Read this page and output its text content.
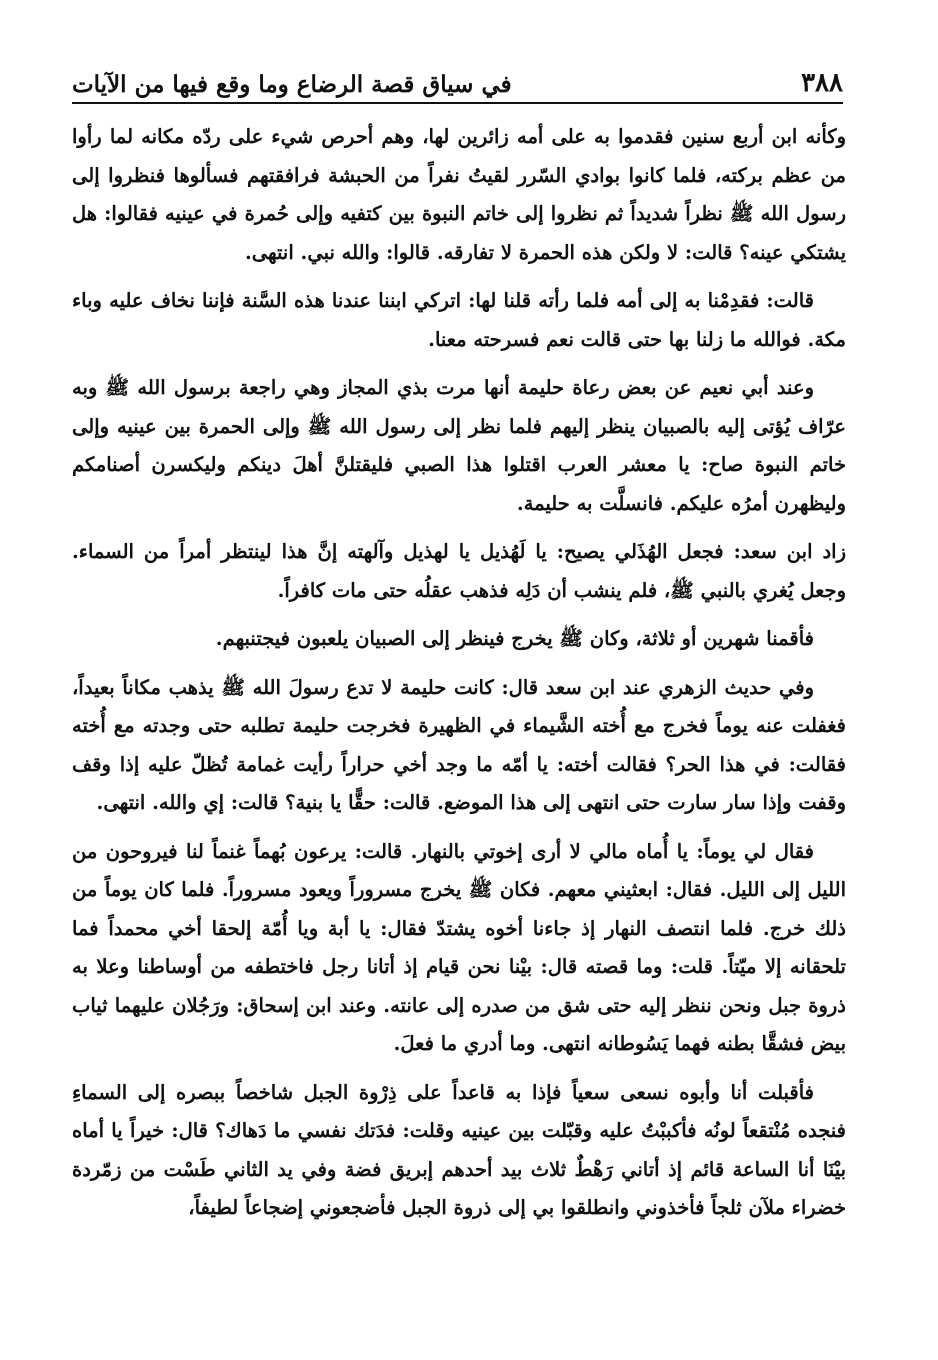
٣٨٨
في سياق قصة الرضاع وما وقع فيها من الآيات

وكأنه ابن أربع سنين فقدموا به على أمه زائرين لها، وهم أحرص شيء على ردّه مكانه لما رأوا من عظم بركته، فلما كانوا بوادي السّرر لقيتُ نفراً من الحبشة فرافقتهم فسألوها فنظروا إلى رسول الله ﷺ نظراً شديداً ثم نظروا إلى خاتم النبوة بين كتفيه وإلى حُمرة في عينيه فقالوا: هل يشتكي عينه؟ قالت: لا ولكن هذه الحمرة لا تفارقه. قالوا: والله نبي. انتهى.

قالت: فقدِمْنا به إلى أمه فلما رأته قلنا لها: اتركي ابننا عندنا هذه السَّنة فإننا نخاف عليه وباء مكة. فوالله ما زلنا بها حتى قالت نعم فسرحته معنا.

وعند أبي نعيم عن بعض رعاة حليمة أنها مرت بذي المجاز وهي راجعة برسول الله ﷺ وبه عرّاف يُؤتى إليه بالصبيان ينظر إليهم فلما نظر إلى رسول الله ﷺ وإلى الحمرة بين عينيه وإلى خاتم النبوة صاح: يا معشر العرب اقتلوا هذا الصبي فليقتلنَّ أهلَ دينكم وليكسرن أصنامكم وليظهرن أمرُه عليكم. فانسلَّت به حليمة.

زاد ابن سعد: فجعل الهُذَلي يصيح: يا لَهُذيل يا لهذيل وآلهته إنَّ هذا لينتظر أمراً من السماء. وجعل يُغري بالنبي ﷺ، فلم ينشب أن دَلِه فذهب عقلُه حتى مات كافراً.

فأقمنا شهرين أو ثلاثة، وكان ﷺ يخرج فينظر إلى الصبيان يلعبون فيجتنبهم.

وفي حديث الزهري عند ابن سعد قال: كانت حليمة لا تدع رسولَ الله ﷺ يذهب مكاناً بعيداً، فغفلت عنه يوماً فخرج مع أُخته الشَّيماء في الظهيرة فخرجت حليمة تطلبه حتى وجدته مع أُخته فقالت: في هذا الحر؟ فقالت أخته: يا أمّه ما وجد أخي حراراً رأيت غمامة تُظلّ عليه إذا وقف وقفت وإذا سار سارت حتى انتهى إلى هذا الموضع. قالت: حقًّا يا بنية؟ قالت: إي والله. انتهى.

فقال لي يوماً: يا أُماه مالي لا أرى إخوتي بالنهار. قالت: يرعون بُهماً غنماً لنا فيروحون من الليل إلى الليل. فقال: ابعثيني معهم. فكان ﷺ يخرج مسروراً ويعود مسروراً. فلما كان يوماً من ذلك خرج. فلما انتصف النهار إذ جاءنا أخوه يشتدّ فقال: يا أبة ويا أُمّة إلحقا أخي محمداً فما تلحقانه إلا ميّتاً. قلت: وما قصته قال: بيْنا نحن قيام إذ أتانا رجل فاختطفه من أوساطنا وعلا به ذروة جبل ونحن ننظر إليه حتى شق من صدره إلى عانته. وعند ابن إسحاق: ورَجُلان عليهما ثياب بيض فشقَّا بطنه فهما يَسُوطانه انتهى. وما أدري ما فعلَ.

فأقبلت أنا وأبوه نسعى سعياً فإذا به قاعداً على ذِرْوة الجبل شاخصاً ببصره إلى السماءِ فنجده مُنْتقعاً لونُه فأكببْتُ عليه وقبّلت بين عينيه وقلت: فدَتك نفسي ما دَهاك؟ قال: خيراً يا أماه بيْنَا أنا الساعة قائم إذ أتاني رَهْطٌ ثلاث بيد أحدهم إبريق فضة وفي يد الثاني طَسْت من زمّردة خضراء ملآن ثلجاً فأخذوني وانطلقوا بي إلى ذروة الجبل فأضجعوني إضجاعاً لطيفاً،
